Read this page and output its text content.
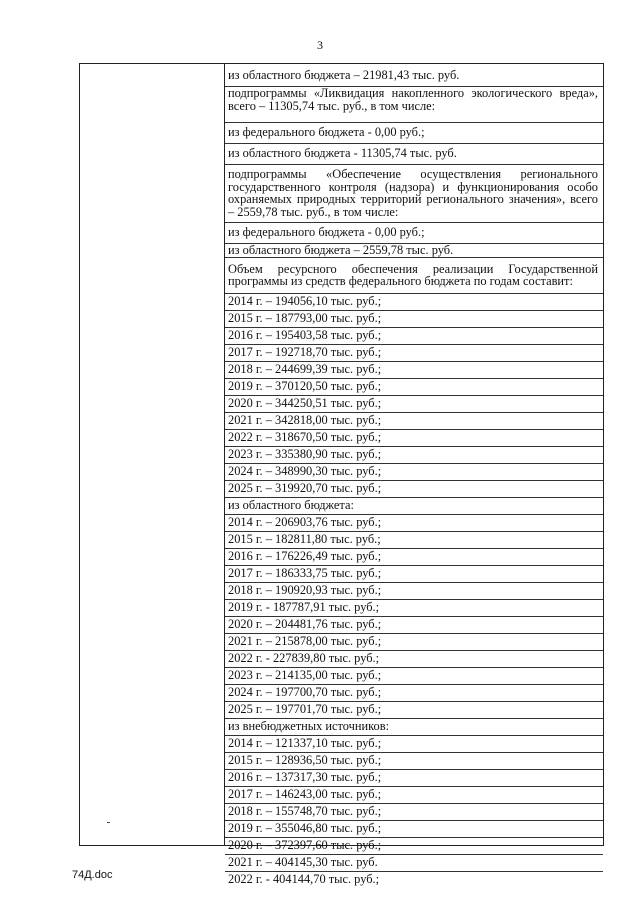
3
из областного бюджета – 21981,43 тыс. руб.
подпрограммы «Ликвидация накопленного экологического вреда», всего – 11305,74 тыс. руб., в том числе:
из федерального бюджета - 0,00 руб.;
из областного бюджета - 11305,74 тыс. руб.
подпрограммы «Обеспечение осуществления регионального государственного контроля (надзора) и функционирования особо охраняемых природных территорий регионального значения», всего – 2559,78 тыс. руб., в том числе:
из федерального бюджета - 0,00 руб.;
из областного бюджета – 2559,78 тыс. руб.
Объем ресурсного обеспечения реализации Государственной программы из средств федерального бюджета по годам составит:
2014 г. – 194056,10 тыс. руб.;
2015 г. – 187793,00 тыс. руб.;
2016 г. – 195403,58 тыс. руб.;
2017 г. – 192718,70 тыс. руб.;
2018 г. – 244699,39 тыс. руб.;
2019 г. – 370120,50 тыс. руб.;
2020 г. – 344250,51 тыс. руб.;
2021 г. – 342818,00 тыс. руб.;
2022 г. – 318670,50 тыс. руб.;
2023 г. – 335380,90 тыс. руб.;
2024 г. – 348990,30 тыс. руб.;
2025 г. – 319920,70 тыс. руб.;
из областного бюджета:
2014 г. – 206903,76 тыс. руб.;
2015 г. – 182811,80 тыс. руб.;
2016 г. – 176226,49 тыс. руб.;
2017 г. – 186333,75 тыс. руб.;
2018 г. – 190920,93 тыс. руб.;
2019 г. - 187787,91 тыс. руб.;
2020 г. – 204481,76 тыс. руб.;
2021 г. – 215878,00 тыс. руб.;
2022 г. - 227839,80 тыс. руб.;
2023 г. – 214135,00 тыс. руб.;
2024 г. – 197700,70 тыс. руб.;
2025 г. – 197701,70 тыс. руб.;
из внебюджетных источников:
2014 г. – 121337,10 тыс. руб.;
2015 г. – 128936,50 тыс. руб.;
2016 г. – 137317,30 тыс. руб.;
2017 г. – 146243,00 тыс. руб.;
2018 г. – 155748,70 тыс. руб.;
2019 г. – 355046,80 тыс. руб.;
2020 г. – 372397,60 тыс. руб.;
2021 г. – 404145,30 тыс. руб.
2022 г. - 404144,70 тыс. руб.;
74Д.doc
